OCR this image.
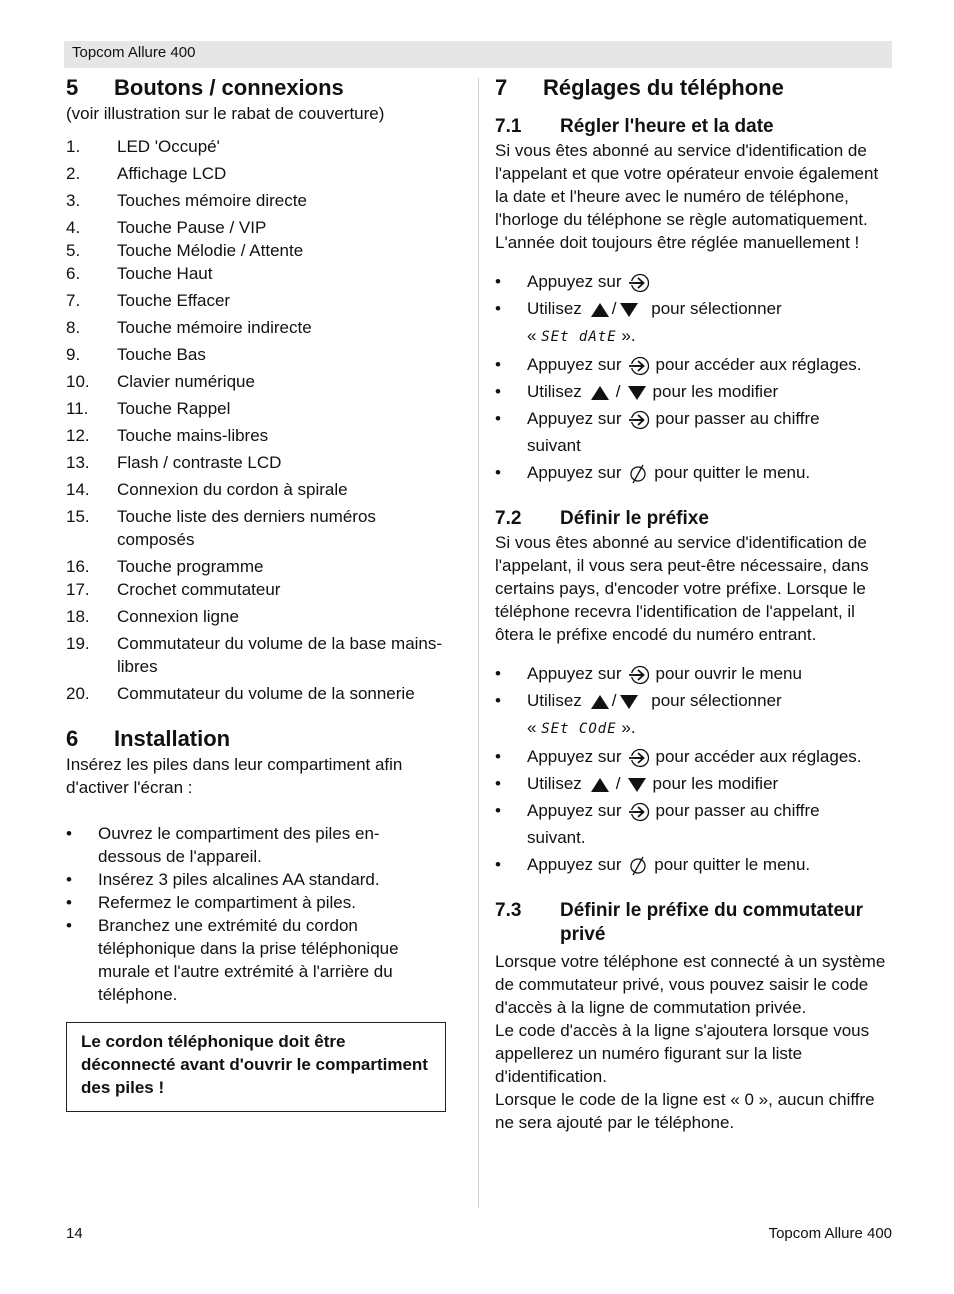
Topcom Allure 400
5 Boutons / connexions

(voir illustration sur le rabat de couverture)

1.	LED 'Occupé'
2.	Affichage LCD
3.	Touches mémoire directe
4.	Touche Pause / VIP
5.	Touche Mélodie / Attente
6.	Touche Haut
7.	Touche Effacer
8.	Touche mémoire indirecte
9.	Touche Bas
10.	Clavier numérique
11.	Touche Rappel
12.	Touche mains-libres
13.	Flash / contraste LCD
14.	Connexion du cordon à spirale
15.	Touche liste des derniers numéros composés
16.	Touche programme
17.	Crochet commutateur
18.	Connexion ligne
19.	Commutateur du volume de la base mains-libres
20.	Commutateur du volume de la sonnerie
6 Installation

Insérez les piles dans leur compartiment afin d'activer l'écran :

•	Ouvrez le compartiment des piles en-dessous de l'appareil.
•	Insérez 3 piles alcalines AA standard.
•	Refermez le compartiment à piles.
•	Branchez une extrémité du cordon téléphonique dans la prise téléphonique murale et l'autre extrémité à l'arrière du téléphone.
Le cordon téléphonique doit être déconnecté avant d'ouvrir le compartiment des piles !
7 Réglages du téléphone
7.1	Régler l'heure et la date

Si vous êtes abonné au service d'identification de l'appelant et que votre opérateur envoie également la date et l'heure avec le numéro de téléphone, l'horloge du téléphone se règle automatiquement. L'année doit toujours être réglée manuellement !

•	Appuyez sur
•	Utilisez / pour sélectionner
« SEt dAtE ».
•	Appuyez sur pour accéder aux réglages.
•	Utilisez / pour les modifier
•	Appuyez sur pour passer au chiffre
suivant
•	Appuyez sur pour quitter le menu.
7.2	Définir le préfixe

Si vous êtes abonné au service d'identification de l'appelant, il vous sera peut-être nécessaire, dans certains pays, d'encoder votre préfixe. Lorsque le téléphone recevra l'identification de l'appelant, il ôtera le préfixe encodé du numéro entrant.

•	Appuyez sur pour ouvrir le menu
•	Utilisez / pour sélectionner
« SEt COdE ».
•	Appuyez sur pour accéder aux réglages.
•	Utilisez / pour les modifier
•	Appuyez sur pour passer au chiffre
suivant.
•	Appuyez sur pour quitter le menu.
7.3	Définir le préfixe du commutateur privé

Lorsque votre téléphone est connecté à un système de commutateur privé, vous pouvez saisir le code d'accès à la ligne de commutation privée.

Le code d'accès à la ligne s'ajoutera lorsque vous appellerez un numéro figurant sur la liste d'identification.

Lorsque le code de la ligne est « 0 », aucun chiffre ne sera ajouté par le téléphone.

14	Topcom Allure 400
